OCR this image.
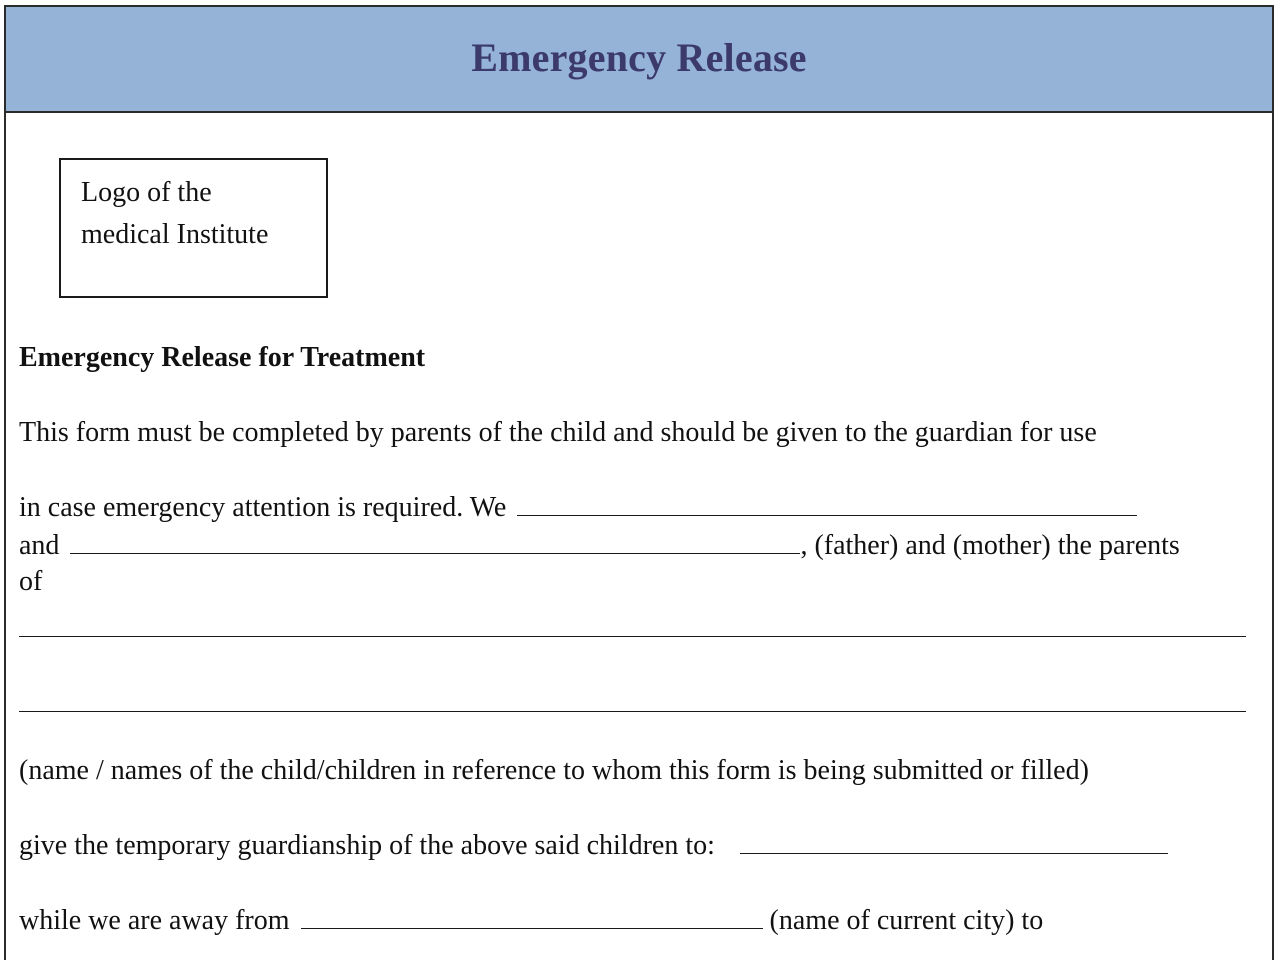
Emergency Release
Logo of the
medical Institute
Emergency Release for Treatment
This form must be completed by parents of the child and should be given to the guardian for use
in case emergency attention is required. We
and	, (father) and (mother) the parents
of
(name / names of the child/children in reference to whom this form is being submitted or filled)
give the temporary guardianship of the above said children to:
while we are away from	(name of current city) to
